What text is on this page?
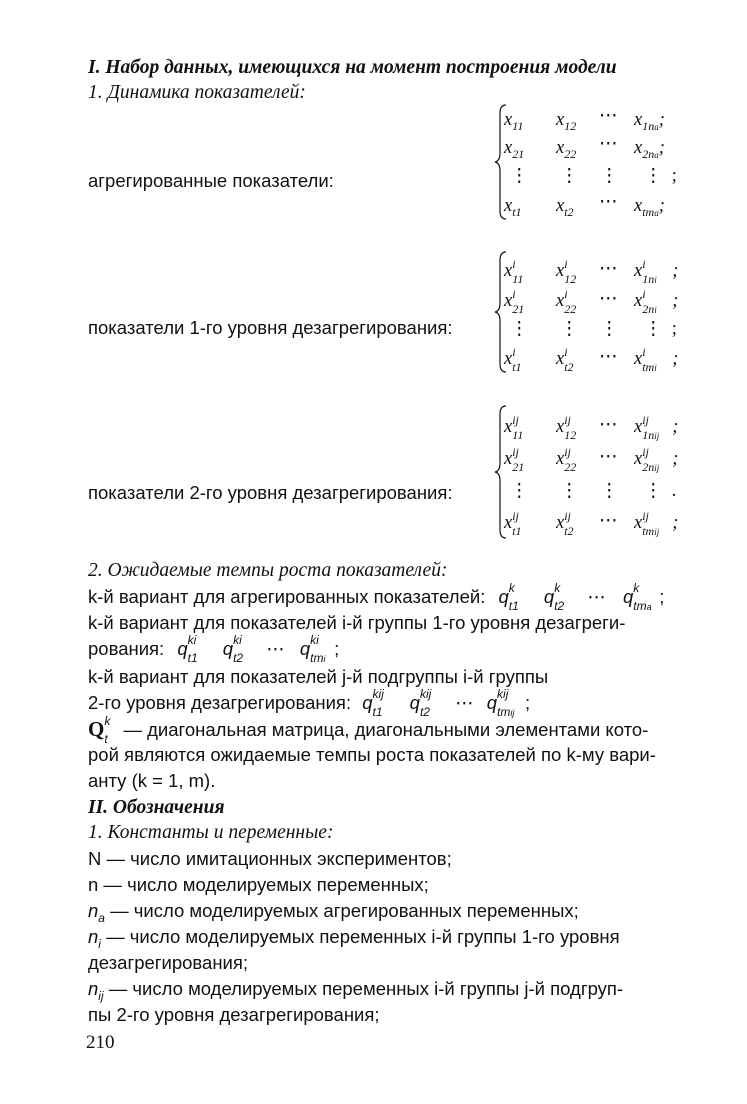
I. Набор данных, имеющихся на момент построения модели
1. Динамика показателей:
агрегированные показатели:
$x_{11}$ $x_{12}$ ⋯ $x_{1na}$;
$x_{21}$ $x_{22}$ ⋯ $x_{2na}$;
⋮ ⋮ ⋮ ⋮  ;
$x_{t1}$ $x_{t2}$ ⋯ $x_{tma}$;
показатели 1-го уровня дезагрегирования:
x i
11 x i
12 ⋯ x i
1ni ;
x i
21 x i
22 ⋯ x i
2ni ;
⋮ ⋮ ⋮ ⋮  ;
x i
t1 x i
t2 ⋯ x i
tmi ;
показатели 2-го уровня дезагрегирования:
x ij
11 x ij
12 ⋯ x ij
1nij ;
x ij
21 x ij
22 ⋯ x ij
2nij ;
⋮ ⋮ ⋮ ⋮  .
x ij
t1 x ij
t2 ⋯ x ij
tmij ;
2. Ожидаемые темпы роста показателей:
k-й вариант для агрегированных показателей: q k
t1 q k
t2 ⋯ q k
tma ;
k-й вариант для показателей i-й группы 1-го уровня дезагреги-
рования: q ki
t1 q ki
t2 ⋯ q ki
tmi ;
k-й вариант для показателей j-й подгруппы i-й группы
2-го уровня дезагрегирования: q kij
t1 q kij
t2 ⋯ q kij
tmij ;
Q k
t — диагональная матрица, диагональными элементами кото-
рой являются ожидаемые темпы роста показателей по k-му вари-
анту (k = 1, m).
II. Обозначения
1. Константы и переменные:
N — число имитационных экспериментов;
n — число моделируемых переменных;
$n_a$ — число моделируемых агрегированных переменных;
$n_i$ — число моделируемых переменных i-й группы 1-го уровня
дезагрегирования;
$n_{ij}$ — число моделируемых переменных i-й группы j-й подгруп-
пы 2-го уровня дезагрегирования;
210
